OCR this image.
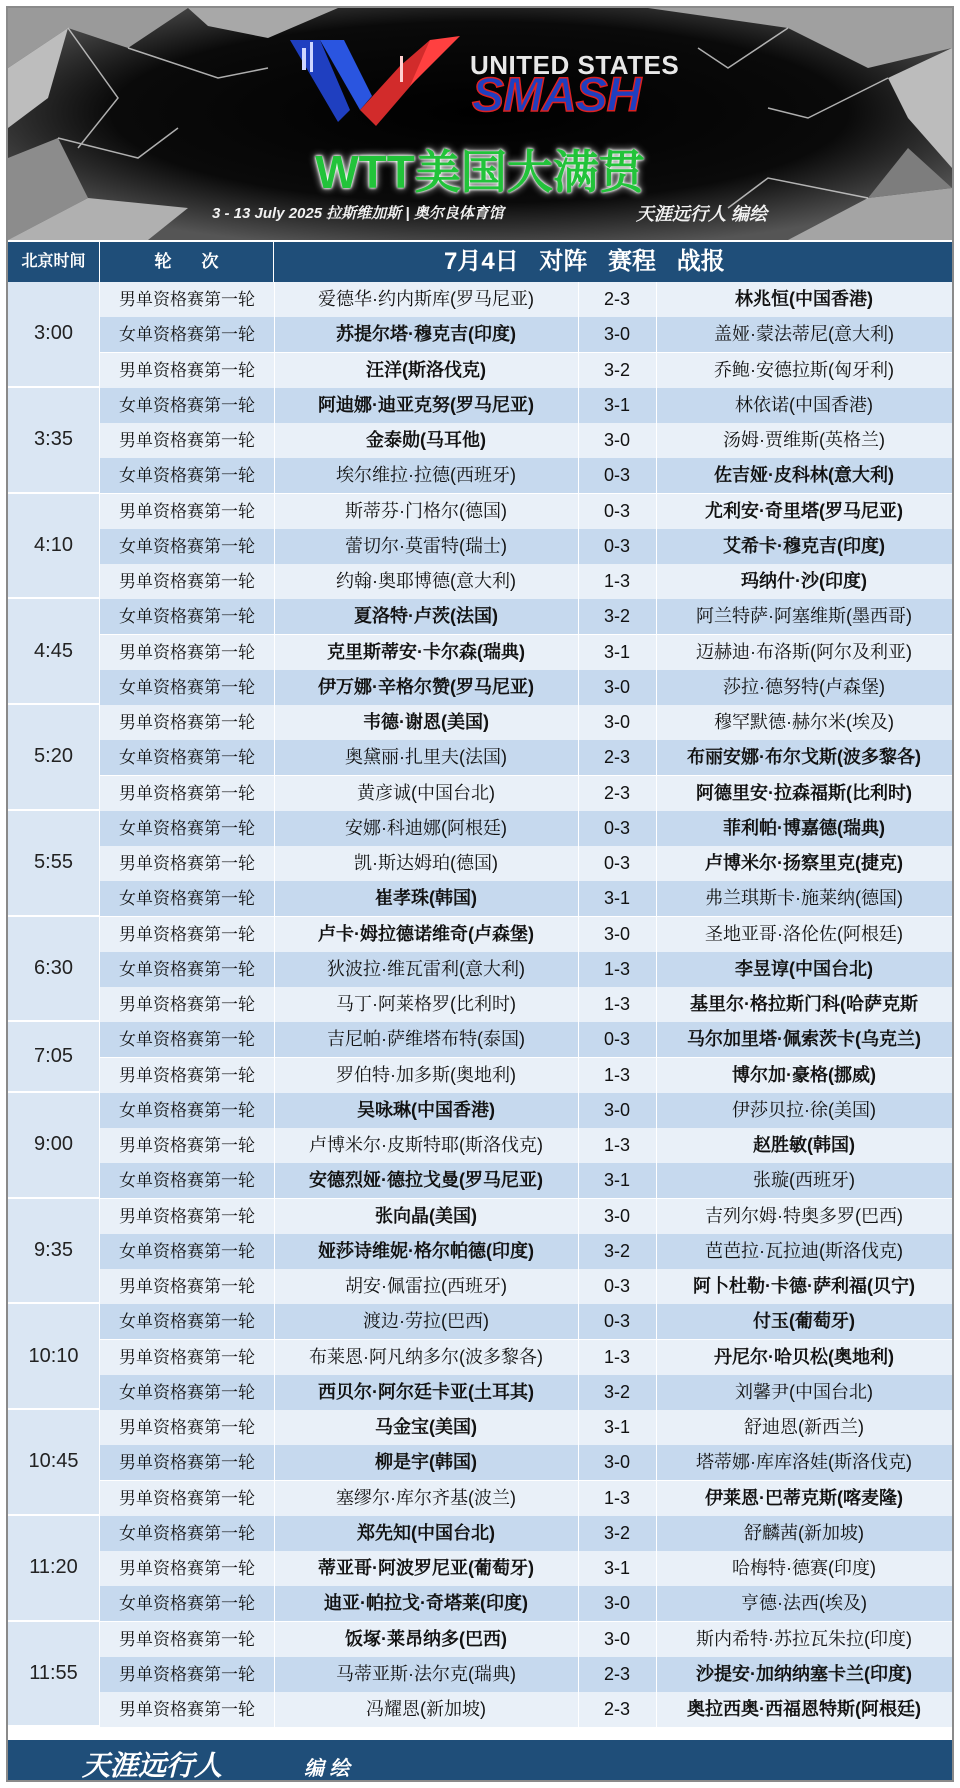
UNITED STATES
SMASH
WTT美国大满贯
3 - 13 July 2025 拉斯维加斯 | 奥尔良体育馆	天涯远行人 编绘
北京时间	轮次	7月4日 对阵 赛程 战报
3:00
男单资格赛第一轮	爱德华·约内斯库(罗马尼亚)	2-3	林兆恒(中国香港)
女单资格赛第一轮	苏提尔塔·穆克吉(印度)	3-0	盖娅·蒙法蒂尼(意大利)
男单资格赛第一轮	汪洋(斯洛伐克)	3-2	乔鲍·安德拉斯(匈牙利)
3:35
女单资格赛第一轮	阿迪娜·迪亚克努(罗马尼亚)	3-1	林依诺(中国香港)
男单资格赛第一轮	金泰勋(马耳他)	3-0	汤姆·贾维斯(英格兰)
女单资格赛第一轮	埃尔维拉·拉德(西班牙)	0-3	佐吉娅·皮科林(意大利)
4:10
男单资格赛第一轮	斯蒂芬·门格尔(德国)	0-3	尤利安·奇里塔(罗马尼亚)
女单资格赛第一轮	蕾切尔·莫雷特(瑞士)	0-3	艾希卡·穆克吉(印度)
男单资格赛第一轮	约翰·奥耶博德(意大利)	1-3	玛纳什·沙(印度)
4:45
女单资格赛第一轮	夏洛特·卢茨(法国)	3-2	阿兰特萨·阿塞维斯(墨西哥)
男单资格赛第一轮	克里斯蒂安·卡尔森(瑞典)	3-1	迈赫迪·布洛斯(阿尔及利亚)
女单资格赛第一轮	伊万娜·辛格尔赞(罗马尼亚)	3-0	莎拉·德努特(卢森堡)
5:20
男单资格赛第一轮	韦德·谢恩(美国)	3-0	穆罕默德·赫尔米(埃及)
女单资格赛第一轮	奥黛丽·扎里夫(法国)	2-3	布丽安娜·布尔戈斯(波多黎各)
男单资格赛第一轮	黄彦诚(中国台北)	2-3	阿德里安·拉森福斯(比利时)
5:55
女单资格赛第一轮	安娜·科迪娜(阿根廷)	0-3	菲利帕·博嘉德(瑞典)
男单资格赛第一轮	凯·斯达姆珀(德国)	0-3	卢博米尔·扬察里克(捷克)
女单资格赛第一轮	崔孝珠(韩国)	3-1	弗兰琪斯卡·施莱纳(德国)
6:30
男单资格赛第一轮	卢卡·姆拉德诺维奇(卢森堡)	3-0	圣地亚哥·洛伦佐(阿根廷)
女单资格赛第一轮	狄波拉·维瓦雷利(意大利)	1-3	李昱谆(中国台北)
男单资格赛第一轮	马丁·阿莱格罗(比利时)	1-3	基里尔·格拉斯门科(哈萨克斯
7:05
女单资格赛第一轮	吉尼帕·萨维塔布特(泰国)	0-3	马尔加里塔·佩索茨卡(乌克兰)
男单资格赛第一轮	罗伯特·加多斯(奥地利)	1-3	博尔加·豪格(挪威)
9:00
女单资格赛第一轮	吴咏琳(中国香港)	3-0	伊莎贝拉·徐(美国)
男单资格赛第一轮	卢博米尔·皮斯特耶(斯洛伐克)	1-3	赵胜敏(韩国)
女单资格赛第一轮	安德烈娅·德拉戈曼(罗马尼亚)	3-1	张璇(西班牙)
9:35
男单资格赛第一轮	张向晶(美国)	3-0	吉列尔姆·特奥多罗(巴西)
女单资格赛第一轮	娅莎诗维妮·格尔帕德(印度)	3-2	芭芭拉·瓦拉迪(斯洛伐克)
男单资格赛第一轮	胡安·佩雷拉(西班牙)	0-3	阿卜杜勒·卡德·萨利福(贝宁)
10:10
女单资格赛第一轮	渡边·劳拉(巴西)	0-3	付玉(葡萄牙)
男单资格赛第一轮	布莱恩·阿凡纳多尔(波多黎各)	1-3	丹尼尔·哈贝松(奥地利)
女单资格赛第一轮	西贝尔·阿尔廷卡亚(土耳其)	3-2	刘馨尹(中国台北)
10:45
男单资格赛第一轮	马金宝(美国)	3-1	舒迪恩(新西兰)
男单资格赛第一轮	柳是宇(韩国)	3-0	塔蒂娜·库库洛娃(斯洛伐克)
男单资格赛第一轮	塞缪尔·库尔齐基(波兰)	1-3	伊莱恩·巴蒂克斯(喀麦隆)
11:20
女单资格赛第一轮	郑先知(中国台北)	3-2	舒麟茜(新加坡)
男单资格赛第一轮	蒂亚哥·阿波罗尼亚(葡萄牙)	3-1	哈梅特·德赛(印度)
女单资格赛第一轮	迪亚·帕拉戈·奇塔莱(印度)	3-0	亨德·法西(埃及)
11:55
男单资格赛第一轮	饭塚·莱昂纳多(巴西)	3-0	斯内希特·苏拉瓦朱拉(印度)
男单资格赛第一轮	马蒂亚斯·法尔克(瑞典)	2-3	沙提安·加纳纳塞卡兰(印度)
男单资格赛第一轮	冯耀恩(新加坡)	2-3	奥拉西奥·西福恩特斯(阿根廷)
天涯远行人	编 绘
